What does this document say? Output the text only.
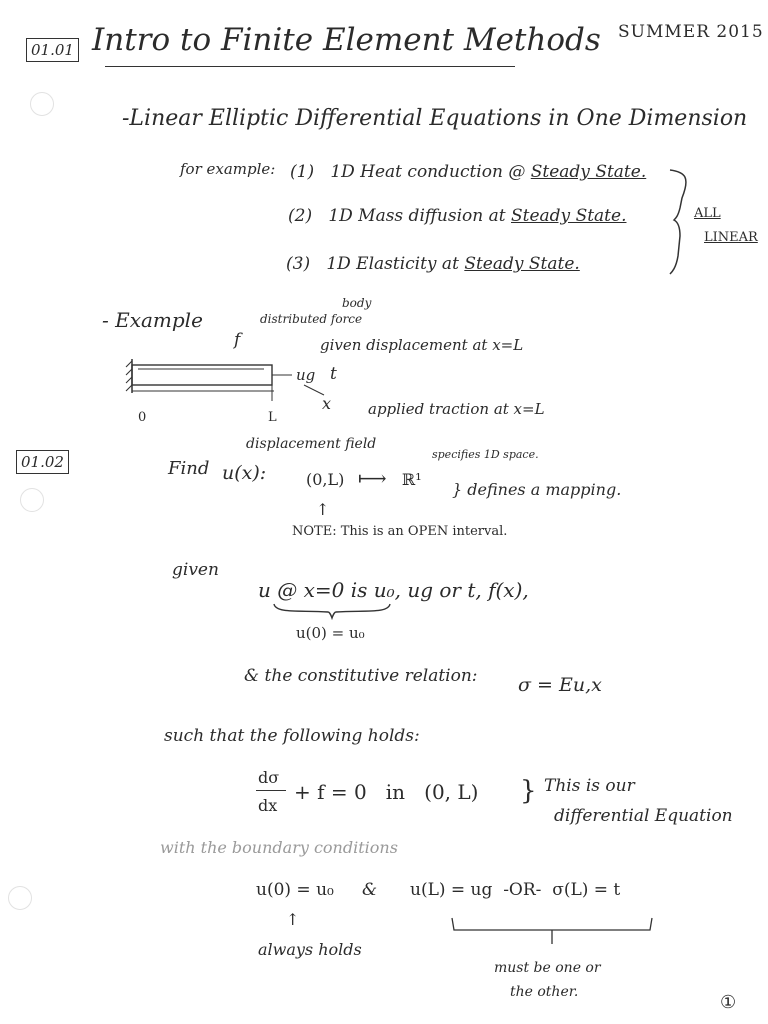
01.01 Intro to Finite Element Methods SUMMER 2015
-Linear Elliptic Differential Equations in One Dimension
for example: (1) 1D Heat conduction @ Steady State.
(2) 1D Mass diffusion at Steady State.
(3) 1D Elasticity at Steady State.
ALL
LINEAR
- Example
body
distributed force
f	given displacement at x=L
ug t
x
0	L	applied traction at x=L
01.02
displacement field
Find u(x): (0,L) ⟼ ℝ¹
specifies 1D space.
} defines a mapping.
↑
NOTE: This is an OPEN interval.
given
u @ x=0 is u₀, ug or t, f(x),
u(0) = u₀
& the constitutive relation: σ = Eu,x
such that the following holds:
dσ
dx
+ f = 0   in   (0, L) } This is our
differential Equation
with the boundary conditions
u(0) = u₀ & u(L) = ug  -OR-  σ(L) = t
↑
always holds
must be one or
the other.	①
